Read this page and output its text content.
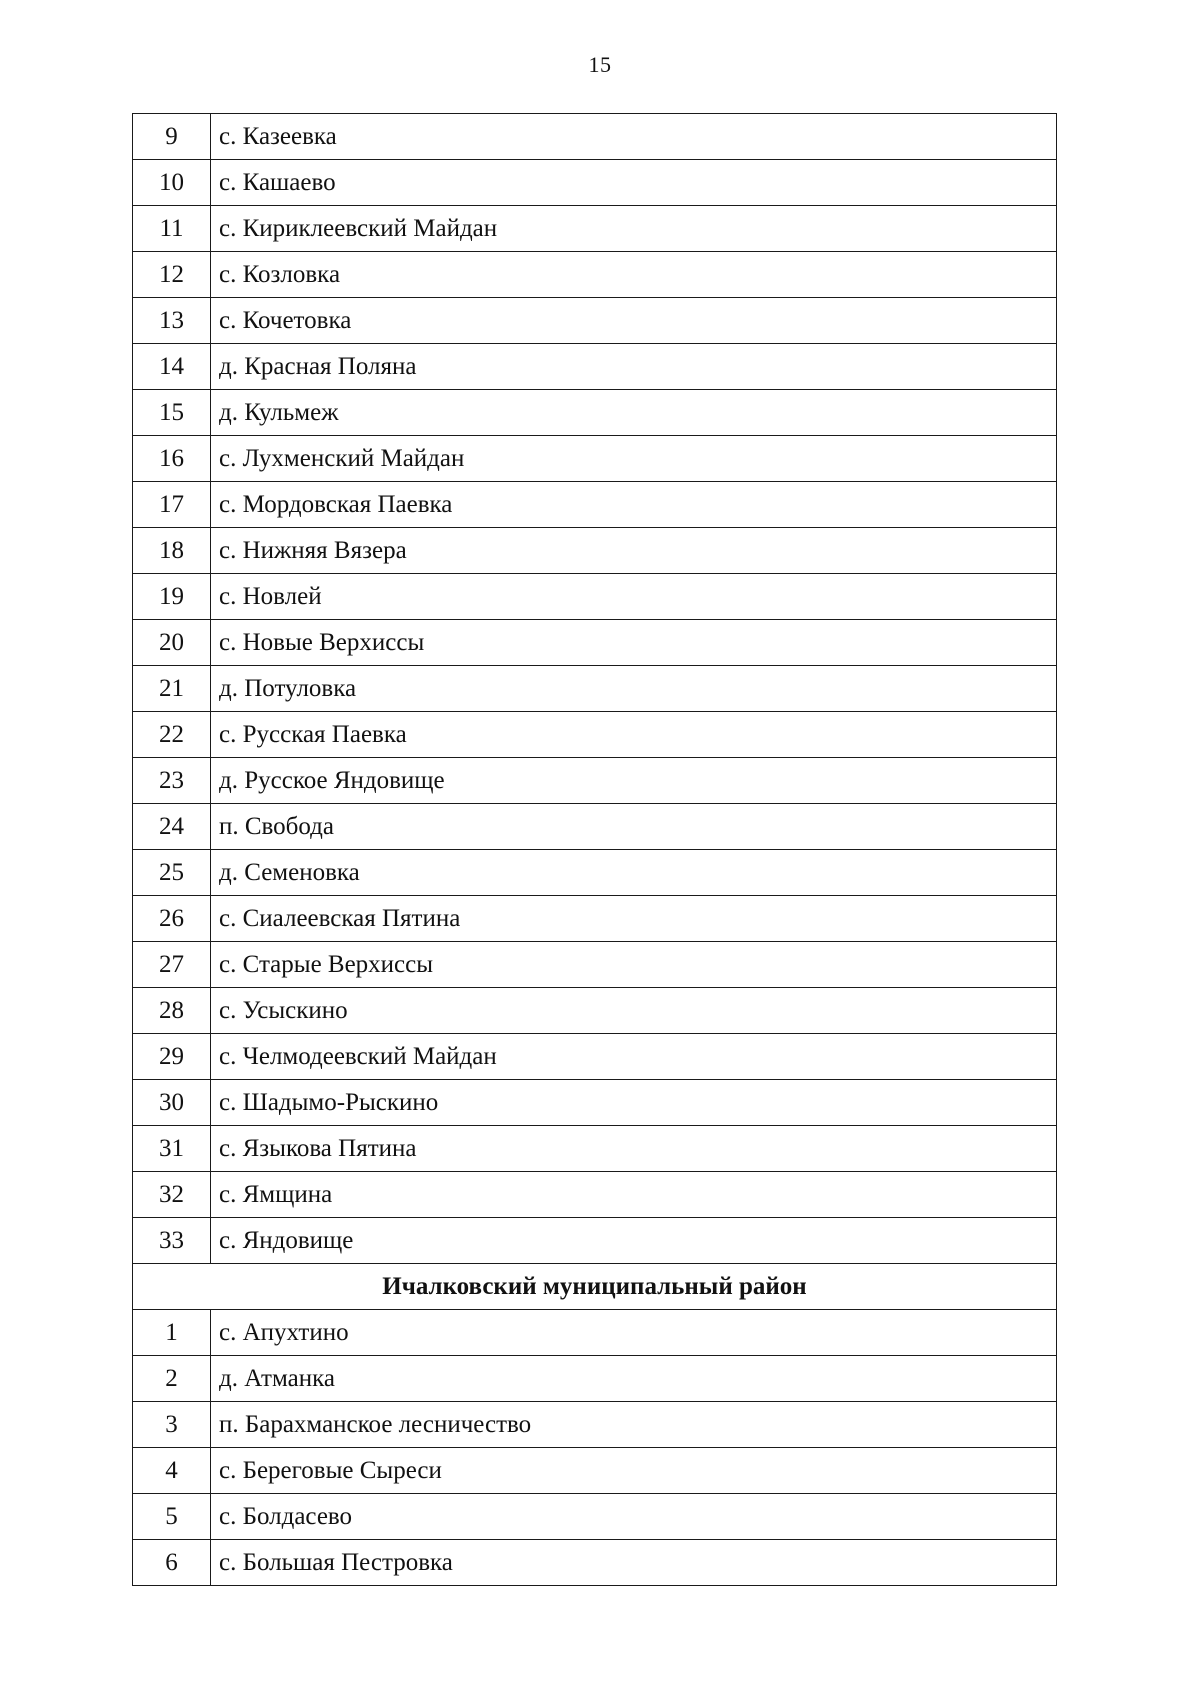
15
9	с. Казеевка
10	с. Кашаево
11	с. Кириклеевский Майдан
12	с. Козловка
13	с. Кочетовка
14	д. Красная Поляна
15	д. Кульмеж
16	с. Лухменский Майдан
17	с. Мордовская Паевка
18	с. Нижняя Вязера
19	с. Новлей
20	с. Новые Верхиссы
21	д. Потуловка
22	с. Русская Паевка
23	д. Русское Яндовище
24	п. Свобода
25	д. Семеновка
26	с. Сиалеевская Пятина
27	с. Старые Верхиссы
28	с. Усыскино
29	с. Челмодеевский Майдан
30	с. Шадымо-Рыскино
31	с. Языкова Пятина
32	с. Ямщина
33	с. Яндовище
Ичалковский муниципальный район	
1	с. Апухтино
2	д. Атманка
3	п. Барахманское лесничество
4	с. Береговые Сыреси
5	с. Болдасево
6	с. Большая Пестровка
